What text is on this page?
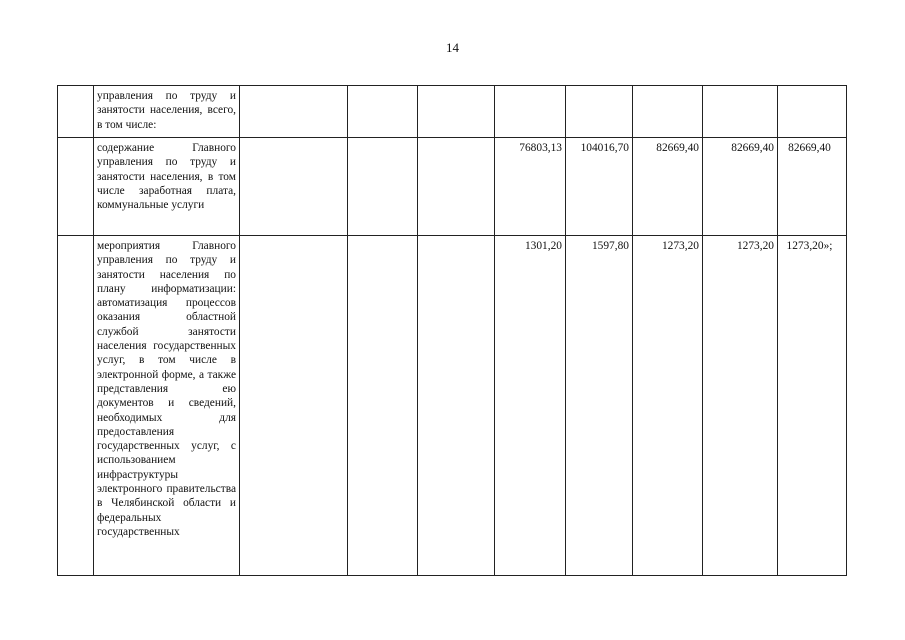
14
	управления по труду и занятости населения, всего, в том числе:								
	содержание Главного управления по труду и занятости населения, в том числе заработная плата, коммунальные услуги				76803,13	104016,70	82669,40	82669,40	82669,40
	мероприятия Главного управления по труду и занятости населения по плану информатизации: автоматизация процессов оказания областной службой занятости населения государственных услуг, в том числе в электронной форме, а также представления ею документов и сведений, необходимых для предоставления государственных услуг, с использованием инфраструктуры электронного правительства в Челябинской области и федеральных государственных				1301,20	1597,80	1273,20	1273,20	1273,20»;
